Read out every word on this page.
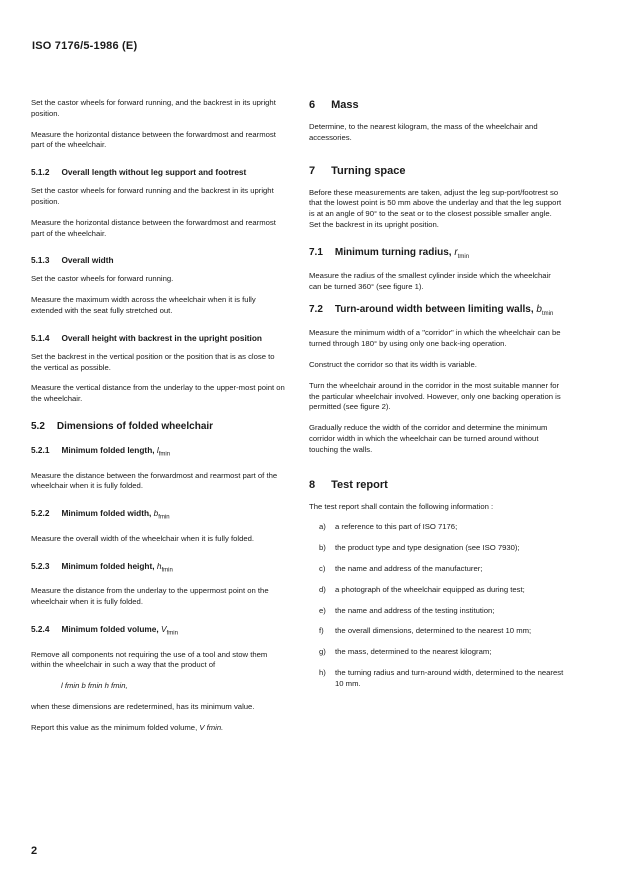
ISO 7176/5-1986 (E)

Set the castor wheels for forward running, and the backrest in its upright position.

Measure the horizontal distance between the forwardmost and rearmost part of the wheelchair.

5.1.2 Overall length without leg support and footrest

Set the castor wheels for forward running and the backrest in its upright position.

Measure the horizontal distance between the forwardmost and rearmost part of the wheelchair.

5.1.3 Overall width

Set the castor wheels for forward running.

Measure the maximum width across the wheelchair when it is fully extended with the seat fully stretched out.

5.1.4 Overall height with backrest in the upright position

Set the backrest in the vertical position or the position that is as close to the vertical as possible.

Measure the vertical distance from the underlay to the upper-most point on the wheelchair.

5.2 Dimensions of folded wheelchair
5.2.1 Minimum folded length, $l_{fmin}$

Measure the distance between the forwardmost and rearmost part of the wheelchair when it is fully folded.

5.2.2 Minimum folded width, $b_{fmin}$

Measure the overall width of the wheelchair when it is fully folded.

5.2.3 Minimum folded height, $h_{fmin}$

Measure the distance from the underlay to the uppermost point on the wheelchair when it is fully folded.

5.2.4 Minimum folded volume, $V_{fmin}$

Remove all components not requiring the use of a tool and stow them within the wheelchair in such a way that the product of

l fmin b fmin h fmin,

when these dimensions are redetermined, has its minimum value.

Report this value as the minimum folded volume, V fmin.

6 Mass

Determine, to the nearest kilogram, the mass of the wheelchair and accessories.

7 Turning space

Before these measurements are taken, adjust the leg sup-port/footrest so that the lowest point is 50 mm above the underlay and that the leg support is at an angle of 90° to the seat or to the closest possible smaller angle. Set the backrest in its upright position.

7.1 Minimum turning radius, $r_{tmin}$

Measure the radius of the smallest cylinder inside which the wheelchair can be turned 360° (see figure 1).

7.2 Turn-around width between limiting walls, $b_{tmin}$

Measure the minimum width of a "corridor" in which the wheelchair can be turned through 180° by using only one back-ing operation.

Construct the corridor so that its width is variable.

Turn the wheelchair around in the corridor in the most suitable manner for the particular wheelchair involved. However, only one backing operation is permitted (see figure 2).

Gradually reduce the width of the corridor and determine the minimum corridor width in which the wheelchair can be turned around without touching the walls.

8 Test report

The test report shall contain the following information :

a)	a reference to this part of ISO 7176;
b)	the product type and type designation (see ISO 7930);
c)	the name and address of the manufacturer;
d)	a photograph of the wheelchair equipped as during test;
e)	the name and address of the testing institution;
f)	the overall dimensions, determined to the nearest 10 mm;
g)	the mass, determined to the nearest kilogram;
h)	the turning radius and turn-around width, determined to the nearest 10 mm.
2
